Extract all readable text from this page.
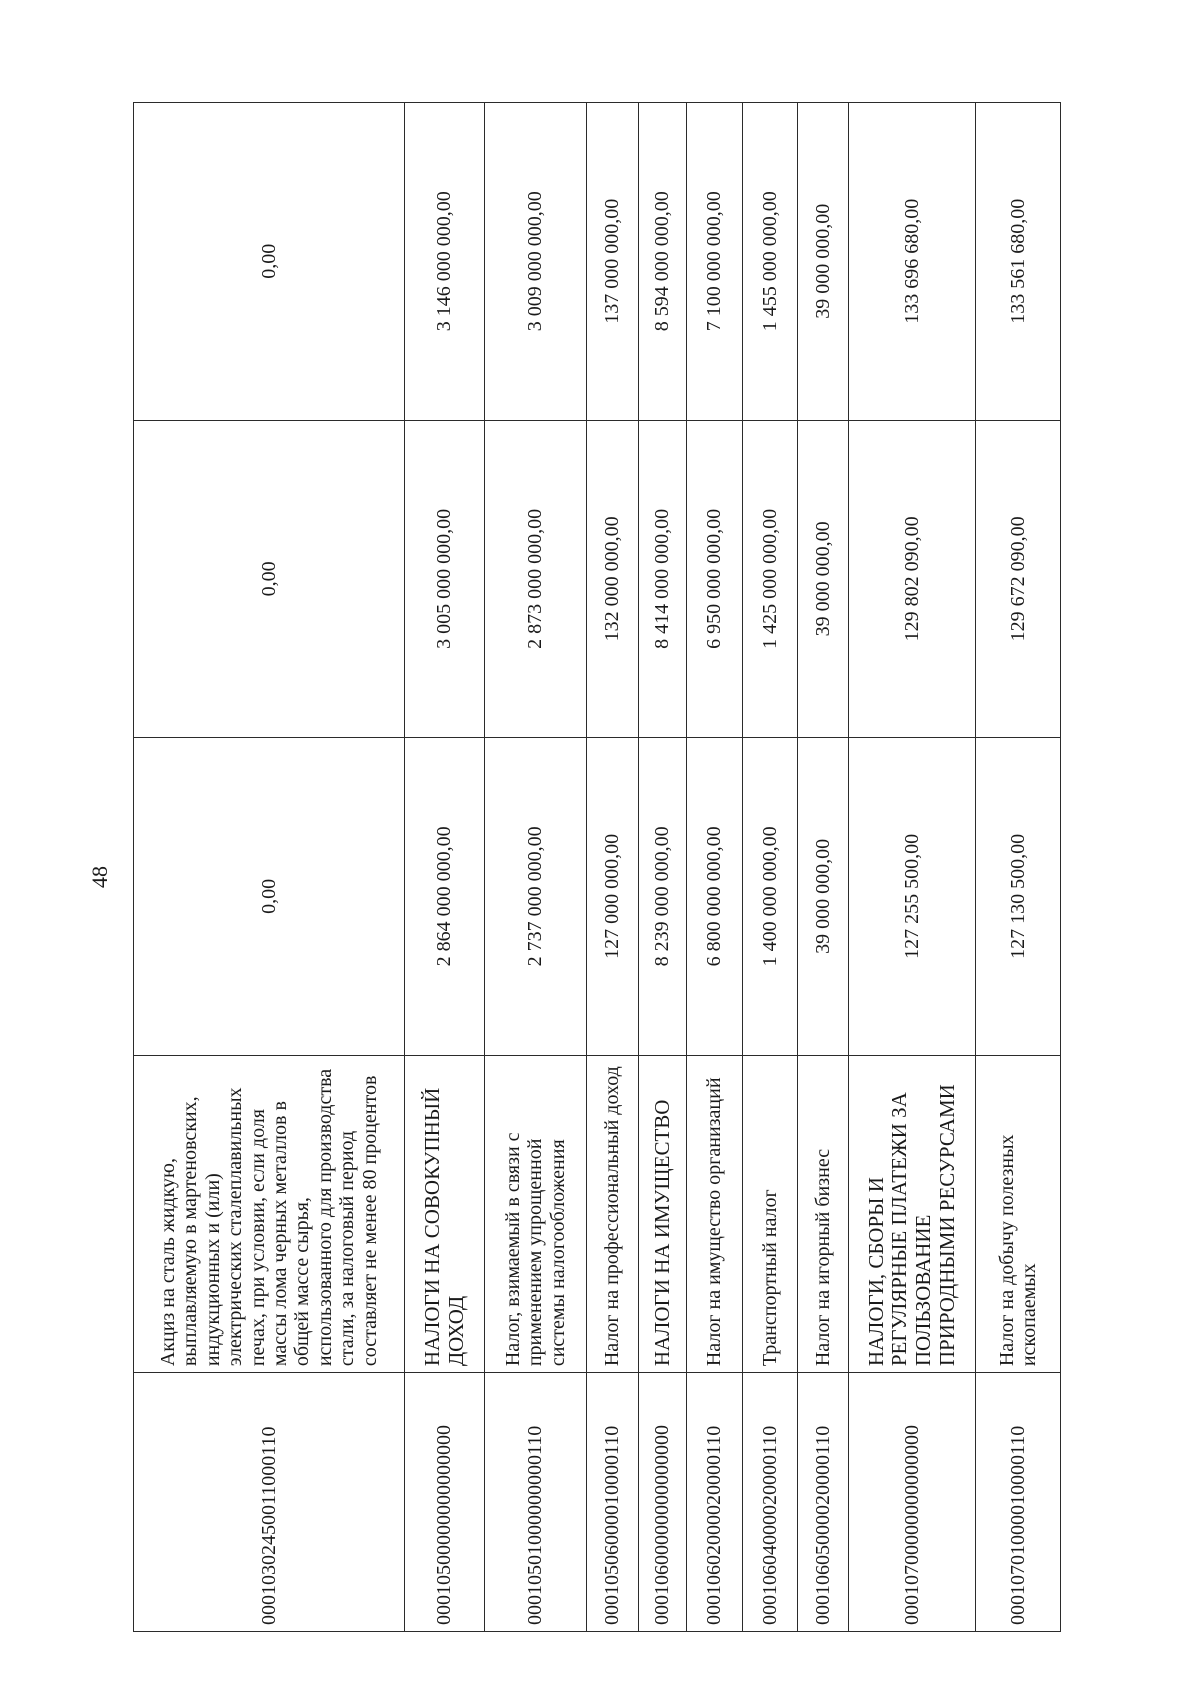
48
00010302450011000110	Акциз на сталь жидкую, выплавляемую в мартеновских, индукционных и (или) электрических сталеплавильных печах, при условии, если доля массы лома черных металлов в общей массе сырья, использованного для производства стали, за налоговый период составляет не менее 80 процентов	0,00	0,00	0,00
00010500000000000000	НАЛОГИ НА СОВОКУПНЫЙ ДОХОД	2 864 000 000,00	3 005 000 000,00	3 146 000 000,00
00010501000000000110	Налог, взимаемый в связи с применением упрощенной системы налогообложения	2 737 000 000,00	2 873 000 000,00	3 009 000 000,00
00010506000010000110	Налог на профессиональный доход	127 000 000,00	132 000 000,00	137 000 000,00
00010600000000000000	НАЛОГИ НА ИМУЩЕСТВО	8 239 000 000,00	8 414 000 000,00	8 594 000 000,00
00010602000020000110	Налог на имущество организаций	6 800 000 000,00	6 950 000 000,00	7 100 000 000,00
00010604000020000110	Транспортный налог	1 400 000 000,00	1 425 000 000,00	1 455 000 000,00
00010605000020000110	Налог на игорный бизнес	39 000 000,00	39 000 000,00	39 000 000,00
00010700000000000000	НАЛОГИ, СБОРЫ И РЕГУЛЯРНЫЕ ПЛАТЕЖИ ЗА ПОЛЬЗОВАНИЕ ПРИРОДНЫМИ РЕСУРСАМИ	127 255 500,00	129 802 090,00	133 696 680,00
00010701000010000110	Налог на добычу полезных ископаемых	127 130 500,00	129 672 090,00	133 561 680,00
